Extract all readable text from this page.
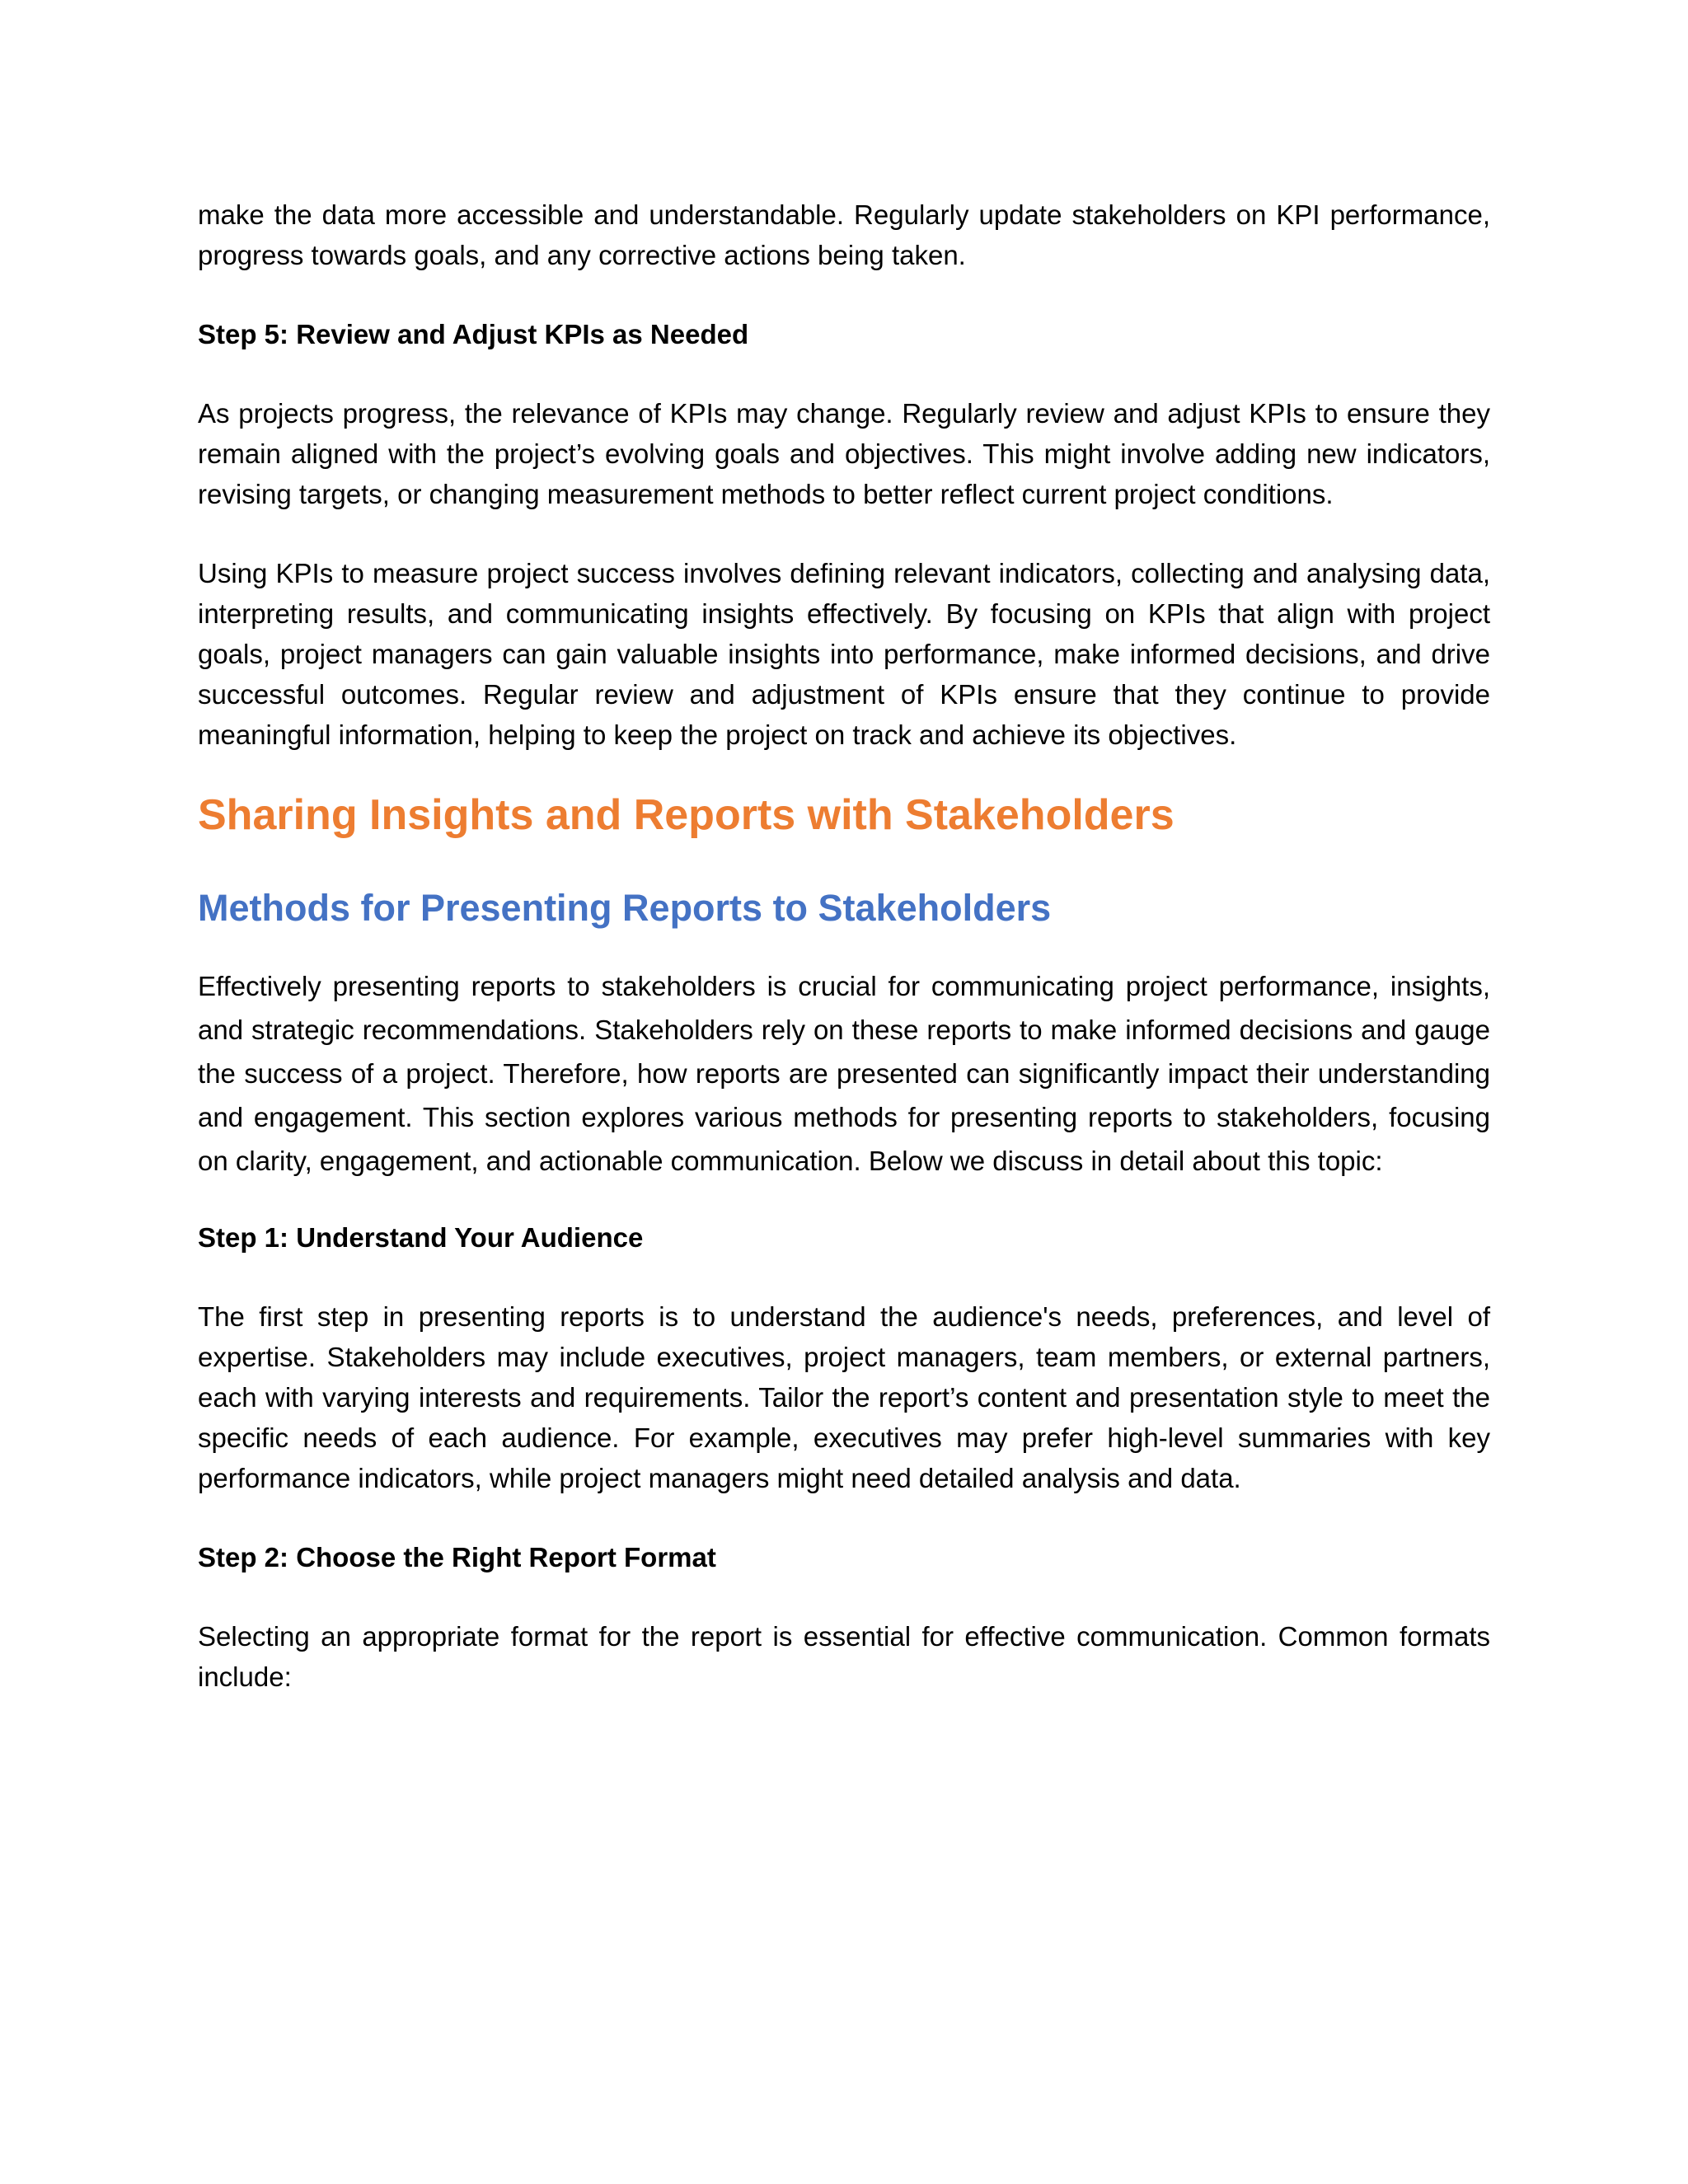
make the data more accessible and understandable. Regularly update stakeholders on KPI performance, progress towards goals, and any corrective actions being taken.

Step 5: Review and Adjust KPIs as Needed

As projects progress, the relevance of KPIs may change. Regularly review and adjust KPIs to ensure they remain aligned with the project’s evolving goals and objectives. This might involve adding new indicators, revising targets, or changing measurement methods to better reflect current project conditions.

Using KPIs to measure project success involves defining relevant indicators, collecting and analysing data, interpreting results, and communicating insights effectively. By focusing on KPIs that align with project goals, project managers can gain valuable insights into performance, make informed decisions, and drive successful outcomes. Regular review and adjustment of KPIs ensure that they continue to provide meaningful information, helping to keep the project on track and achieve its objectives.

Sharing Insights and Reports with Stakeholders
Methods for Presenting Reports to Stakeholders

Effectively presenting reports to stakeholders is crucial for communicating project performance, insights, and strategic recommendations. Stakeholders rely on these reports to make informed decisions and gauge the success of a project. Therefore, how reports are presented can significantly impact their understanding and engagement. This section explores various methods for presenting reports to stakeholders, focusing on clarity, engagement, and actionable communication. Below we discuss in detail about this topic:

Step 1: Understand Your Audience

The first step in presenting reports is to understand the audience's needs, preferences, and level of expertise. Stakeholders may include executives, project managers, team members, or external partners, each with varying interests and requirements. Tailor the report’s content and presentation style to meet the specific needs of each audience. For example, executives may prefer high-level summaries with key performance indicators, while project managers might need detailed analysis and data.

Step 2: Choose the Right Report Format

Selecting an appropriate format for the report is essential for effective communication. Common formats include:
